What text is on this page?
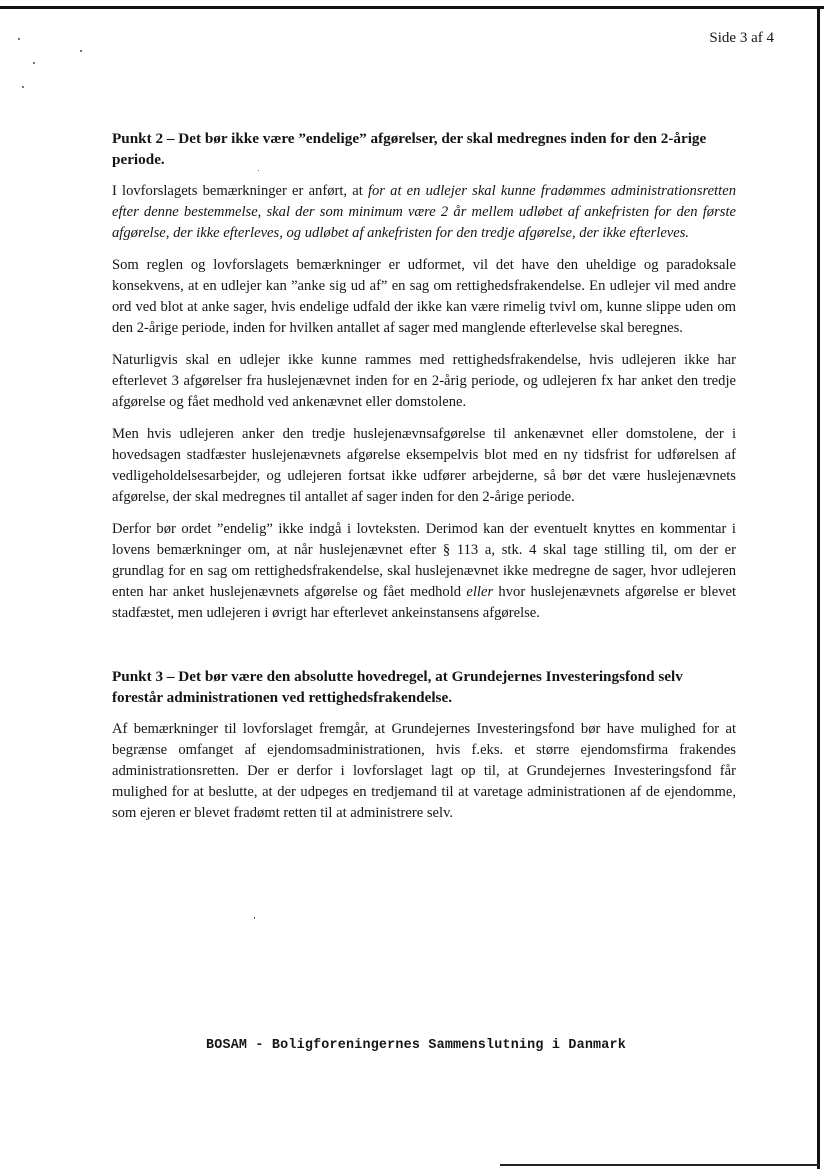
Side 3 af 4
Punkt 2 – Det bør ikke være ”endelige” afgørelser, der skal medregnes inden for den 2-årige periode.

I lovforslagets bemærkninger er anført, at for at en udlejer skal kunne fradømmes administrationsretten efter denne bestemmelse, skal der som minimum være 2 år mellem udløbet af ankefristen for den første afgørelse, der ikke efterleves, og udløbet af ankefristen for den tredje afgørelse, der ikke efterleves.

Som reglen og lovforslagets bemærkninger er udformet, vil det have den uheldige og paradoksale konsekvens, at en udlejer kan ”anke sig ud af” en sag om rettighedsfrakendelse. En udlejer vil med andre ord ved blot at anke sager, hvis endelige udfald der ikke kan være rimelig tvivl om, kunne slippe uden om den 2-årige periode, inden for hvilken antallet af sager med manglende efterlevelse skal beregnes.

Naturligvis skal en udlejer ikke kunne rammes med rettighedsfrakendelse, hvis udlejeren ikke har efterlevet 3 afgørelser fra huslejenævnet inden for en 2-årig periode, og udlejeren fx har anket den tredje afgørelse og fået medhold ved ankenævnet eller domstolene.

Men hvis udlejeren anker den tredje huslejenævnsafgørelse til ankenævnet eller domstolene, der i hovedsagen stadfæster huslejenævnets afgørelse eksempelvis blot med en ny tidsfrist for udførelsen af vedligeholdelsesarbejder, og udlejeren fortsat ikke udfører arbejderne, så bør det være huslejenævnets afgørelse, der skal medregnes til antallet af sager inden for den 2-årige periode.

Derfor bør ordet ”endelig” ikke indgå i lovteksten. Derimod kan der eventuelt knyttes en kommentar i lovens bemærkninger om, at når huslejenævnet efter § 113 a, stk. 4 skal tage stilling til, om der er grundlag for en sag om rettighedsfrakendelse, skal huslejenævnet ikke medregne de sager, hvor udlejeren enten har anket huslejenævnets afgørelse og fået medhold eller hvor huslejenævnets afgørelse er blevet stadfæstet, men udlejeren i øvrigt har efterlevet ankeinstansens afgørelse.

Punkt 3 – Det bør være den absolutte hovedregel, at Grundejernes Investeringsfond selv forestår administrationen ved rettighedsfrakendelse.

Af bemærkninger til lovforslaget fremgår, at Grundejernes Investeringsfond bør have mulighed for at begrænse omfanget af ejendomsadministrationen, hvis f.eks. et større ejendomsfirma frakendes administrationsretten. Der er derfor i lovforslaget lagt op til, at Grundejernes Investeringsfond får mulighed for at beslutte, at der udpeges en tredjemand til at varetage administrationen af de ejendomme, som ejeren er blevet fradømt retten til at administrere selv.

BOSAM - Boligforeningernes Sammenslutning i Danmark
